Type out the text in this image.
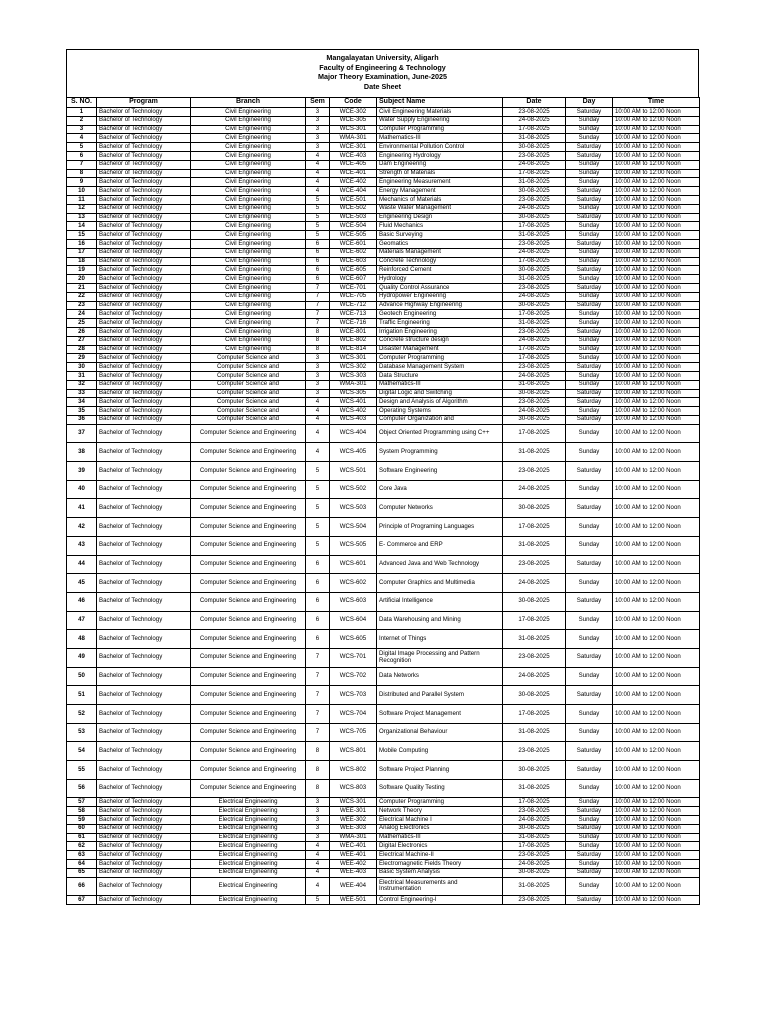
Mangalayatan University, Aligarh
Faculty of Engineering & Technology
Major Theory Examination, June-2025
Date Sheet
S. NO.	Program	Branch	Sem	Code	Subject Name	Date	Day	Time
1	Bachelor of Technology	Civil Engineering	3	WCE-302	Civil Engineering Materials	23-08-2025	Saturday	10:00 AM to 12:00 Noon
2	Bachelor of Technology	Civil Engineering	3	WCE-305	Water Supply Engineering	24-08-2025	Sunday	10:00 AM to 12:00 Noon
3	Bachelor of Technology	Civil Engineering	3	WCS-301	Computer Programming	17-08-2025	Sunday	10:00 AM to 12:00 Noon
4	Bachelor of Technology	Civil Engineering	3	WMA-301	Mathematics-III	31-08-2025	Sunday	10:00 AM to 12:00 Noon
5	Bachelor of Technology	Civil Engineering	3	WCE-301	Environmental Pollution Control	30-08-2025	Saturday	10:00 AM to 12:00 Noon
6	Bachelor of Technology	Civil Engineering	4	WCE-403	Engineering Hydrology	23-08-2025	Saturday	10:00 AM to 12:00 Noon
7	Bachelor of Technology	Civil Engineering	4	WCE-405	Dam Engineering	24-08-2025	Sunday	10:00 AM to 12:00 Noon
8	Bachelor of Technology	Civil Engineering	4	WCE-401	Strength of Materials	17-08-2025	Sunday	10:00 AM to 12:00 Noon
9	Bachelor of Technology	Civil Engineering	4	WCE-402	Engineering Measurement	31-08-2025	Sunday	10:00 AM to 12:00 Noon
10	Bachelor of Technology	Civil Engineering	4	WCE-404	Energy Management	30-08-2025	Saturday	10:00 AM to 12:00 Noon
11	Bachelor of Technology	Civil Engineering	5	WCE-501	Mechanics of Materials	23-08-2025	Saturday	10:00 AM to 12:00 Noon
12	Bachelor of Technology	Civil Engineering	5	WCE-502	Waste Water Management	24-08-2025	Sunday	10:00 AM to 12:00 Noon
13	Bachelor of Technology	Civil Engineering	5	WCE-503	Engineering Design	30-08-2025	Saturday	10:00 AM to 12:00 Noon
14	Bachelor of Technology	Civil Engineering	5	WCE-504	Fluid Mechanics	17-08-2025	Sunday	10:00 AM to 12:00 Noon
15	Bachelor of Technology	Civil Engineering	5	WCE-505	Basic Surveying	31-08-2025	Sunday	10:00 AM to 12:00 Noon
16	Bachelor of Technology	Civil Engineering	6	WCE-601	Geomatics	23-08-2025	Saturday	10:00 AM to 12:00 Noon
17	Bachelor of Technology	Civil Engineering	6	WCE-602	Materials Management	24-08-2025	Sunday	10:00 AM to 12:00 Noon
18	Bachelor of Technology	Civil Engineering	6	WCE-603	Concrete Technology	17-08-2025	Sunday	10:00 AM to 12:00 Noon
19	Bachelor of Technology	Civil Engineering	6	WCE-605	Reinforced Cement	30-08-2025	Saturday	10:00 AM to 12:00 Noon
20	Bachelor of Technology	Civil Engineering	6	WCE-607	Hydrology	31-08-2025	Sunday	10:00 AM to 12:00 Noon
21	Bachelor of Technology	Civil Engineering	7	WCE-701	Quality Control Assurance	23-08-2025	Saturday	10:00 AM to 12:00 Noon
22	Bachelor of Technology	Civil Engineering	7	WCE-705	Hydropower Engineering	24-08-2025	Sunday	10:00 AM to 12:00 Noon
23	Bachelor of Technology	Civil Engineering	7	WCE-712	Advance Highway Engineering	30-08-2025	Saturday	10:00 AM to 12:00 Noon
24	Bachelor of Technology	Civil Engineering	7	WCE-713	Geotech Engineering	17-08-2025	Sunday	10:00 AM to 12:00 Noon
25	Bachelor of Technology	Civil Engineering	7	WCE-716	Traffic Engineering	31-08-2025	Sunday	10:00 AM to 12:00 Noon
26	Bachelor of Technology	Civil Engineering	8	WCE-801	Irrigation Engineering	23-08-2025	Saturday	10:00 AM to 12:00 Noon
27	Bachelor of Technology	Civil Engineering	8	WCE-802	Concrete structure design	24-08-2025	Sunday	10:00 AM to 12:00 Noon
28	Bachelor of Technology	Civil Engineering	8	WCE-814	Disaster Management	17-08-2025	Sunday	10:00 AM to 12:00 Noon
29	Bachelor of Technology	Computer Science and	3	WCS-301	Computer Programming	17-08-2025	Sunday	10:00 AM to 12:00 Noon
30	Bachelor of Technology	Computer Science and	3	WCS-302	Database Management System	23-08-2025	Saturday	10:00 AM to 12:00 Noon
31	Bachelor of Technology	Computer Science and	3	WCS-303	Data Structure	24-08-2025	Sunday	10:00 AM to 12:00 Noon
32	Bachelor of Technology	Computer Science and	3	WMA-301	Mathematics-III	31-08-2025	Sunday	10:00 AM to 12:00 Noon
33	Bachelor of Technology	Computer Science and	3	WCS-305	Digital Logic and Switching	30-08-2025	Saturday	10:00 AM to 12:00 Noon
34	Bachelor of Technology	Computer Science and	4	WCS-401	Design and Analysis of Algorithm	23-08-2025	Saturday	10:00 AM to 12:00 Noon
35	Bachelor of Technology	Computer Science and	4	WCS-402	Operating Systems	24-08-2025	Sunday	10:00 AM to 12:00 Noon
36	Bachelor of Technology	Computer Science and	4	WCS-403	Computer Organization and	30-08-2025	Saturday	10:00 AM to 12:00 Noon
37	Bachelor of Technology	Computer Science and Engineering	4	WCS-404	Object Oriented Programming using C++	17-08-2025	Sunday	10:00 AM to 12:00 Noon
38	Bachelor of Technology	Computer Science and Engineering	4	WCS-405	System Programming	31-08-2025	Sunday	10:00 AM to 12:00 Noon
39	Bachelor of Technology	Computer Science and Engineering	5	WCS-501	Software Engineering	23-08-2025	Saturday	10:00 AM to 12:00 Noon
40	Bachelor of Technology	Computer Science and Engineering	5	WCS-502	Core Java	24-08-2025	Sunday	10:00 AM to 12:00 Noon
41	Bachelor of Technology	Computer Science and Engineering	5	WCS-503	Computer Networks	30-08-2025	Saturday	10:00 AM to 12:00 Noon
42	Bachelor of Technology	Computer Science and Engineering	5	WCS-504	Principle of Programing Languages	17-08-2025	Sunday	10:00 AM to 12:00 Noon
43	Bachelor of Technology	Computer Science and Engineering	5	WCS-505	E- Commerce and ERP	31-08-2025	Sunday	10:00 AM to 12:00 Noon
44	Bachelor of Technology	Computer Science and Engineering	6	WCS-601	Advanced Java and Web Technology	23-08-2025	Saturday	10:00 AM to 12:00 Noon
45	Bachelor of Technology	Computer Science and Engineering	6	WCS-602	Computer Graphics and Multimedia	24-08-2025	Sunday	10:00 AM to 12:00 Noon
46	Bachelor of Technology	Computer Science and Engineering	6	WCS-603	Artificial Intelligence	30-08-2025	Saturday	10:00 AM to 12:00 Noon
47	Bachelor of Technology	Computer Science and Engineering	6	WCS-604	Data Warehousing and Mining	17-08-2025	Sunday	10:00 AM to 12:00 Noon
48	Bachelor of Technology	Computer Science and Engineering	6	WCS-605	Internet of Things	31-08-2025	Sunday	10:00 AM to 12:00 Noon
49	Bachelor of Technology	Computer Science and Engineering	7	WCS-701	Digital Image Processing and Pattern Recognition	23-08-2025	Saturday	10:00 AM to 12:00 Noon
50	Bachelor of Technology	Computer Science and Engineering	7	WCS-702	Data Networks	24-08-2025	Sunday	10:00 AM to 12:00 Noon
51	Bachelor of Technology	Computer Science and Engineering	7	WCS-703	Distributed and Parallel System	30-08-2025	Saturday	10:00 AM to 12:00 Noon
52	Bachelor of Technology	Computer Science and Engineering	7	WCS-704	Software Project Management	17-08-2025	Sunday	10:00 AM to 12:00 Noon
53	Bachelor of Technology	Computer Science and Engineering	7	WCS-705	Organizational Behaviour	31-08-2025	Sunday	10:00 AM to 12:00 Noon
54	Bachelor of Technology	Computer Science and Engineering	8	WCS-801	Mobile Computing	23-08-2025	Saturday	10:00 AM to 12:00 Noon
55	Bachelor of Technology	Computer Science and Engineering	8	WCS-802	Software Project Planning	30-08-2025	Saturday	10:00 AM to 12:00 Noon
56	Bachelor of Technology	Computer Science and Engineering	8	WCS-803	Software Quality Testing	31-08-2025	Sunday	10:00 AM to 12:00 Noon
57	Bachelor of Technology	Electrical Engineering	3	WCS-301	Computer Programming	17-08-2025	Sunday	10:00 AM to 12:00 Noon
58	Bachelor of Technology	Electrical Engineering	3	WEE-301	Network Theory	23-08-2025	Saturday	10:00 AM to 12:00 Noon
59	Bachelor of Technology	Electrical Engineering	3	WEE-302	Electrical Machine I	24-08-2025	Sunday	10:00 AM to 12:00 Noon
60	Bachelor of Technology	Electrical Engineering	3	WEE-303	Analog Electronics	30-08-2025	Saturday	10:00 AM to 12:00 Noon
61	Bachelor of Technology	Electrical Engineering	3	WMA-301	Mathematics-III	31-08-2025	Sunday	10:00 AM to 12:00 Noon
62	Bachelor of Technology	Electrical Engineering	4	WEC-401	Digital Electronics	17-08-2025	Sunday	10:00 AM to 12:00 Noon
63	Bachelor of Technology	Electrical Engineering	4	WEE-401	Electrical Machine-II	23-08-2025	Saturday	10:00 AM to 12:00 Noon
64	Bachelor of Technology	Electrical Engineering	4	WEE-402	Electromagnetic Fields Theory	24-08-2025	Sunday	10:00 AM to 12:00 Noon
65	Bachelor of Technology	Electrical Engineering	4	WEE-403	Basic System Analysis	30-08-2025	Saturday	10:00 AM to 12:00 Noon
66	Bachelor of Technology	Electrical Engineering	4	WEE-404	Electrical Measurements and Instrumentation	31-08-2025	Sunday	10:00 AM to 12:00 Noon
67	Bachelor of Technology	Electrical Engineering	5	WEE-501	Control Engineering-I	23-08-2025	Saturday	10:00 AM to 12:00 Noon
